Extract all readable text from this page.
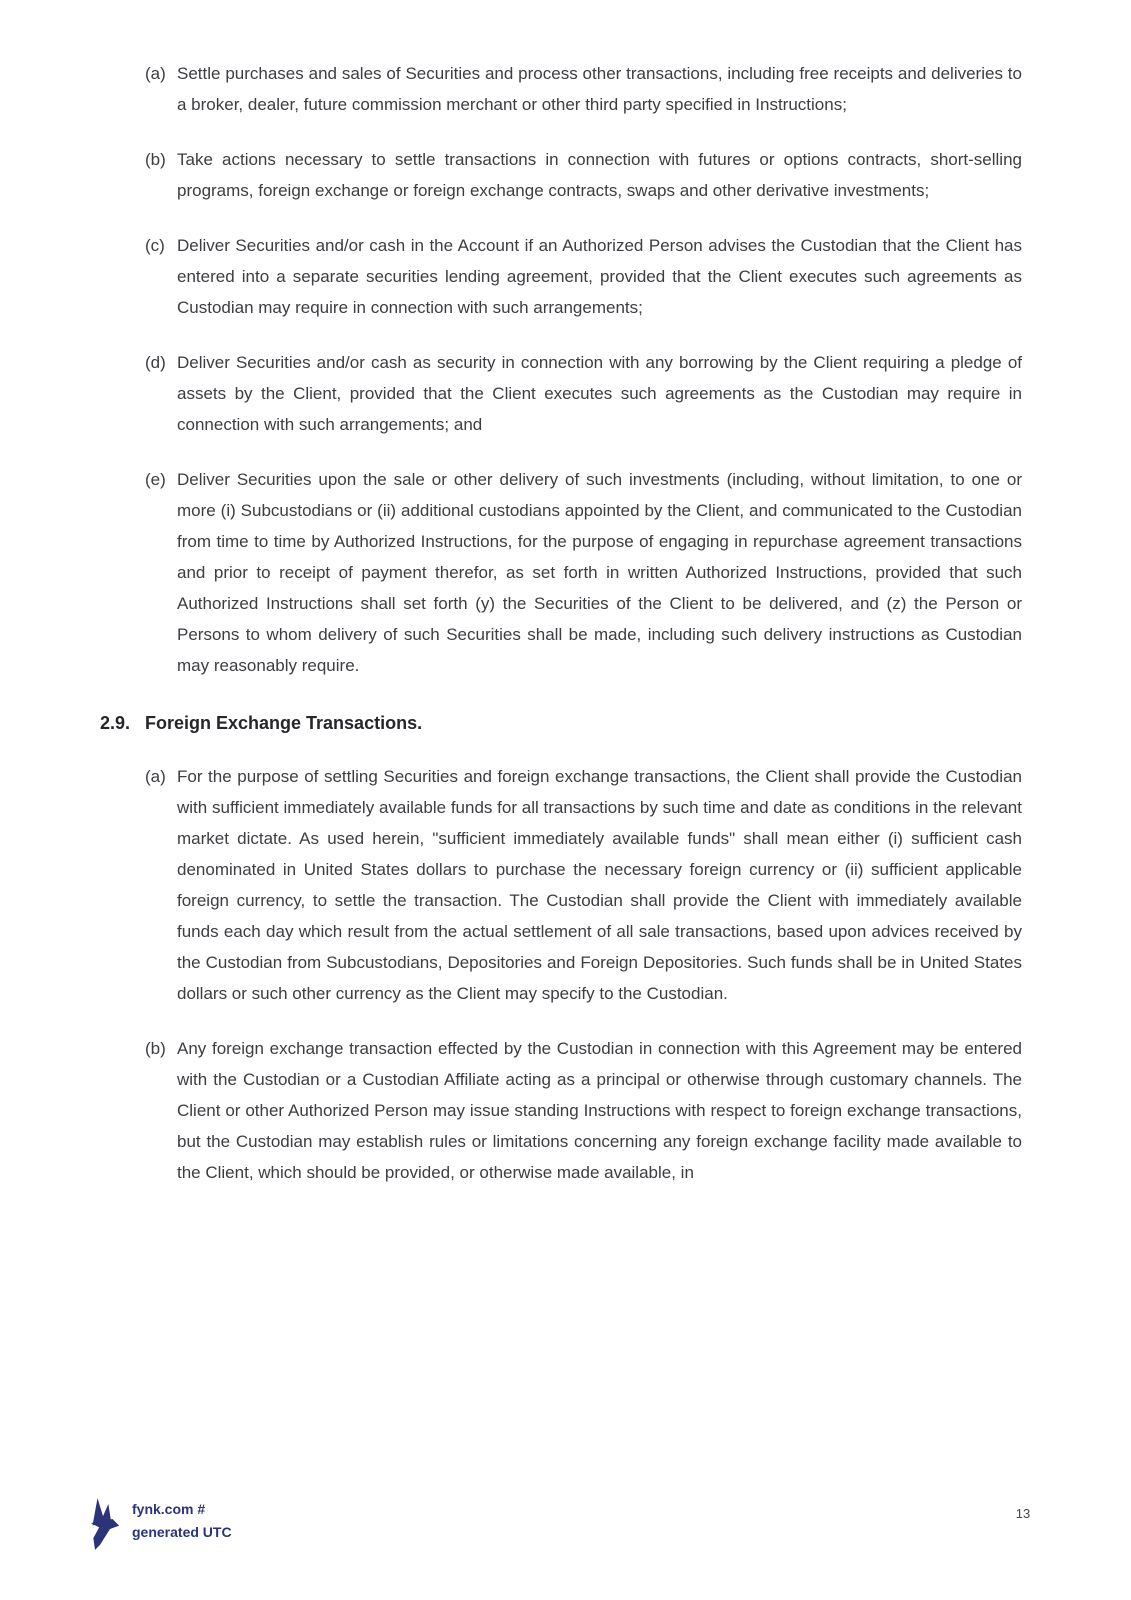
(a) Settle purchases and sales of Securities and process other transactions, including free receipts and deliveries to a broker, dealer, future commission merchant or other third party specified in Instructions;
(b) Take actions necessary to settle transactions in connection with futures or options contracts, short-selling programs, foreign exchange or foreign exchange contracts, swaps and other derivative investments;
(c) Deliver Securities and/or cash in the Account if an Authorized Person advises the Custodian that the Client has entered into a separate securities lending agreement, provided that the Client executes such agreements as Custodian may require in connection with such arrangements;
(d) Deliver Securities and/or cash as security in connection with any borrowing by the Client requiring a pledge of assets by the Client, provided that the Client executes such agreements as the Custodian may require in connection with such arrangements; and
(e) Deliver Securities upon the sale or other delivery of such investments (including, without limitation, to one or more (i) Subcustodians or (ii) additional custodians appointed by the Client, and communicated to the Custodian from time to time by Authorized Instructions, for the purpose of engaging in repurchase agreement transactions and prior to receipt of payment therefor, as set forth in written Authorized Instructions, provided that such Authorized Instructions shall set forth (y) the Securities of the Client to be delivered, and (z) the Person or Persons to whom delivery of such Securities shall be made, including such delivery instructions as Custodian may reasonably require.
2.9. Foreign Exchange Transactions.
(a) For the purpose of settling Securities and foreign exchange transactions, the Client shall provide the Custodian with sufficient immediately available funds for all transactions by such time and date as conditions in the relevant market dictate. As used herein, "sufficient immediately available funds" shall mean either (i) sufficient cash denominated in United States dollars to purchase the necessary foreign currency or (ii) sufficient applicable foreign currency, to settle the transaction. The Custodian shall provide the Client with immediately available funds each day which result from the actual settlement of all sale transactions, based upon advices received by the Custodian from Subcustodians, Depositories and Foreign Depositories. Such funds shall be in United States dollars or such other currency as the Client may specify to the Custodian.
(b) Any foreign exchange transaction effected by the Custodian in connection with this Agreement may be entered with the Custodian or a Custodian Affiliate acting as a principal or otherwise through customary channels. The Client or other Authorized Person may issue standing Instructions with respect to foreign exchange transactions, but the Custodian may establish rules or limitations concerning any foreign exchange facility made available to the Client, which should be provided, or otherwise made available, in
fynk.com #
generated UTC
13
